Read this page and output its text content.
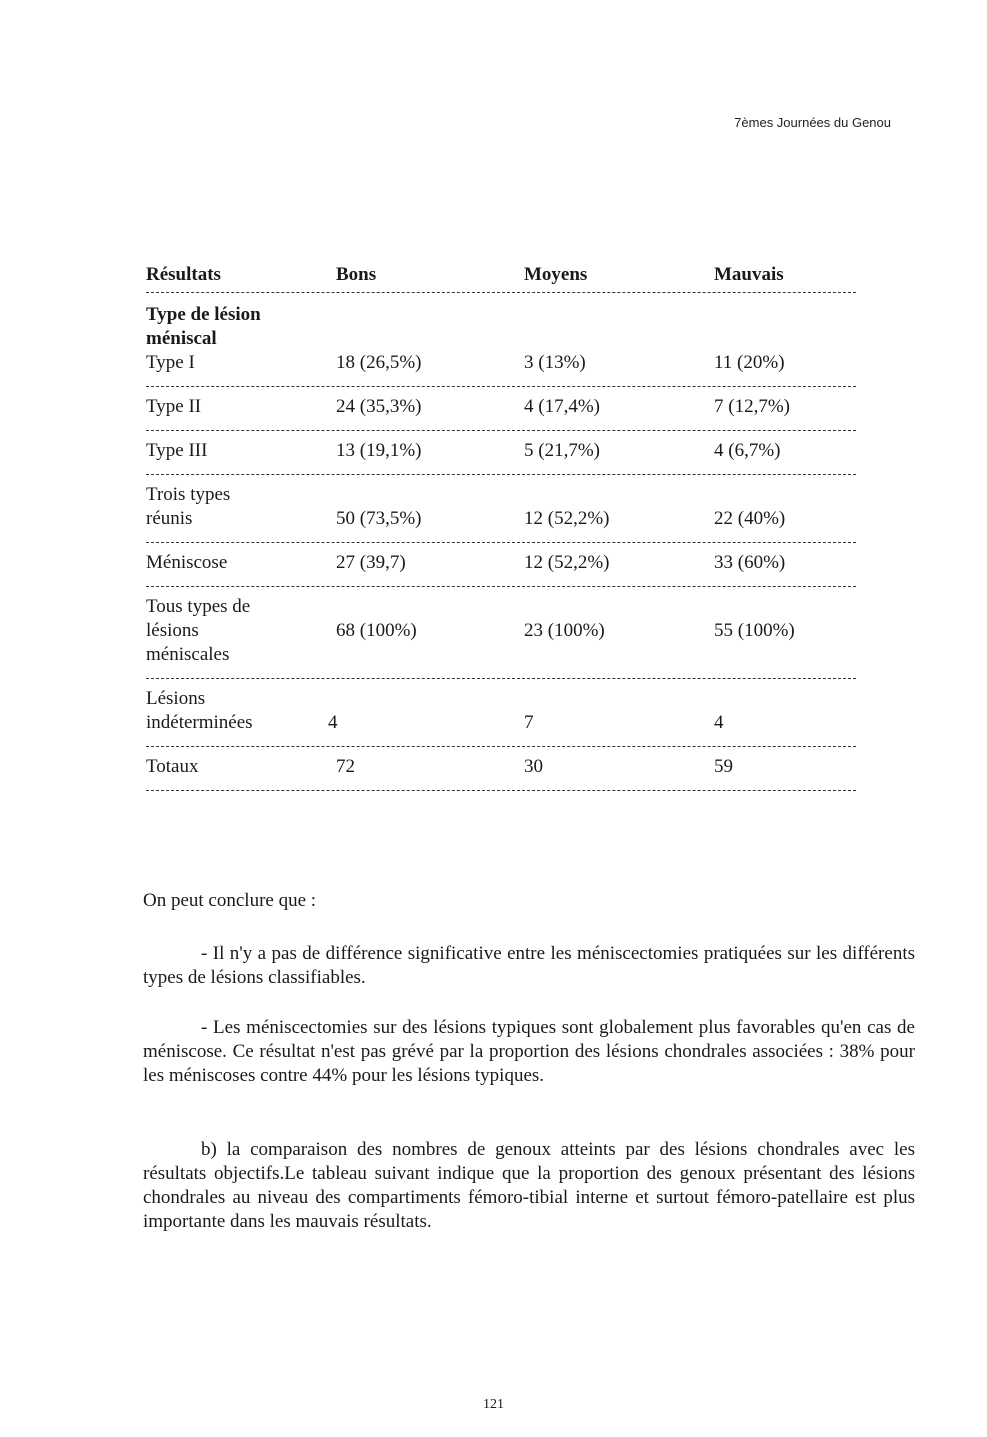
7èmes Journées du Genou
Résultats	Bons	Moyens	Mauvais
Type de lésion
méniscal
Type I	18 (26,5%)	3 (13%)	11 (20%)
Type II	24 (35,3%)	4 (17,4%)	7 (12,7%)
Type III	13 (19,1%)	5 (21,7%)	4 (6,7%)
Trois types
réunis	50 (73,5%)	12 (52,2%)	22 (40%)
Méniscose	27 (39,7)	12 (52,2%)	33 (60%)
Tous types de
lésions
méniscales
68 (100%)	23 (100%)	55 (100%)
Lésions
indéterminées	4	7	4
Totaux	72	30	59
On peut conclure que :
- Il n'y a pas de différence significative entre les méniscectomies pratiquées sur les différents types de lésions classifiables.
- Les méniscectomies sur des lésions typiques sont globalement plus favorables qu'en cas de méniscose. Ce résultat n'est pas grévé par la proportion des lésions chondrales associées : 38% pour les méniscoses contre 44% pour les lésions typiques.
b) la comparaison des nombres de genoux atteints par des lésions chondrales avec les résultats objectifs.Le tableau suivant indique que la proportion des genoux présentant des lésions chondrales au niveau des compartiments fémoro-tibial interne et surtout fémoro-patellaire est plus importante dans les mauvais résultats.
121
